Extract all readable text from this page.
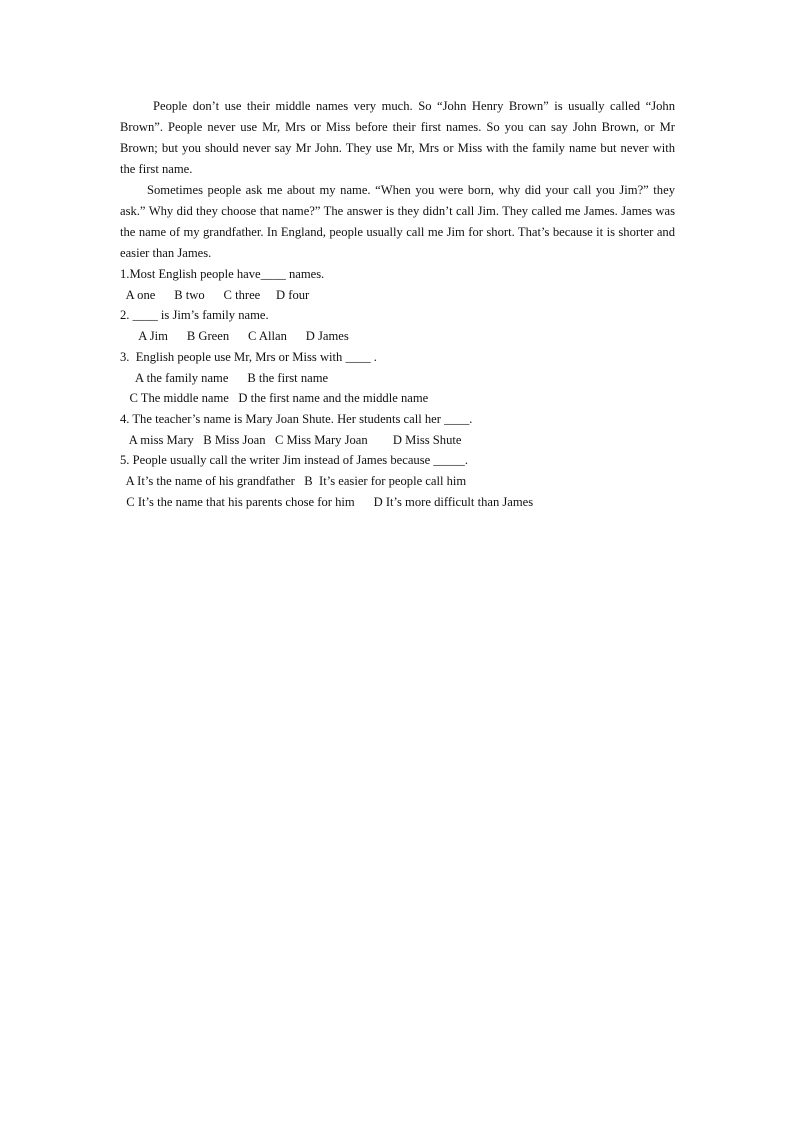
People don’t use their middle names very much. So “John Henry Brown” is usually called “John Brown”. People never use Mr, Mrs or Miss before their first names. So you can say John Brown, or Mr Brown; but you should never say Mr John. They use Mr, Mrs or Miss with the family name but never with the first name.

Sometimes people ask me about my name. “When you were born, why did your call you Jim?” they ask.” Why did they choose that name?” The answer is they didn’t call Jim. They called me James. James was the name of my grandfather. In England, people usually call me Jim for short. That’s because it is shorter and easier than James.

1.Most English people have____ names.

A one      B two      C three     D four

2. ____ is Jim’s family name.

A Jim      B Green      C Allan      D James

3.  English people use Mr, Mrs or Miss with ____ .

A the family name      B the first name

C The middle name   D the first name and the middle name

4. The teacher’s name is Mary Joan Shute. Her students call her ____.

A miss Mary   B Miss Joan   C Miss Mary Joan        D Miss Shute

5. People usually call the writer Jim instead of James because _____.

A It’s the name of his grandfather   B  It’s easier for people call him

C It’s the name that his parents chose for him      D It’s more difficult than James
